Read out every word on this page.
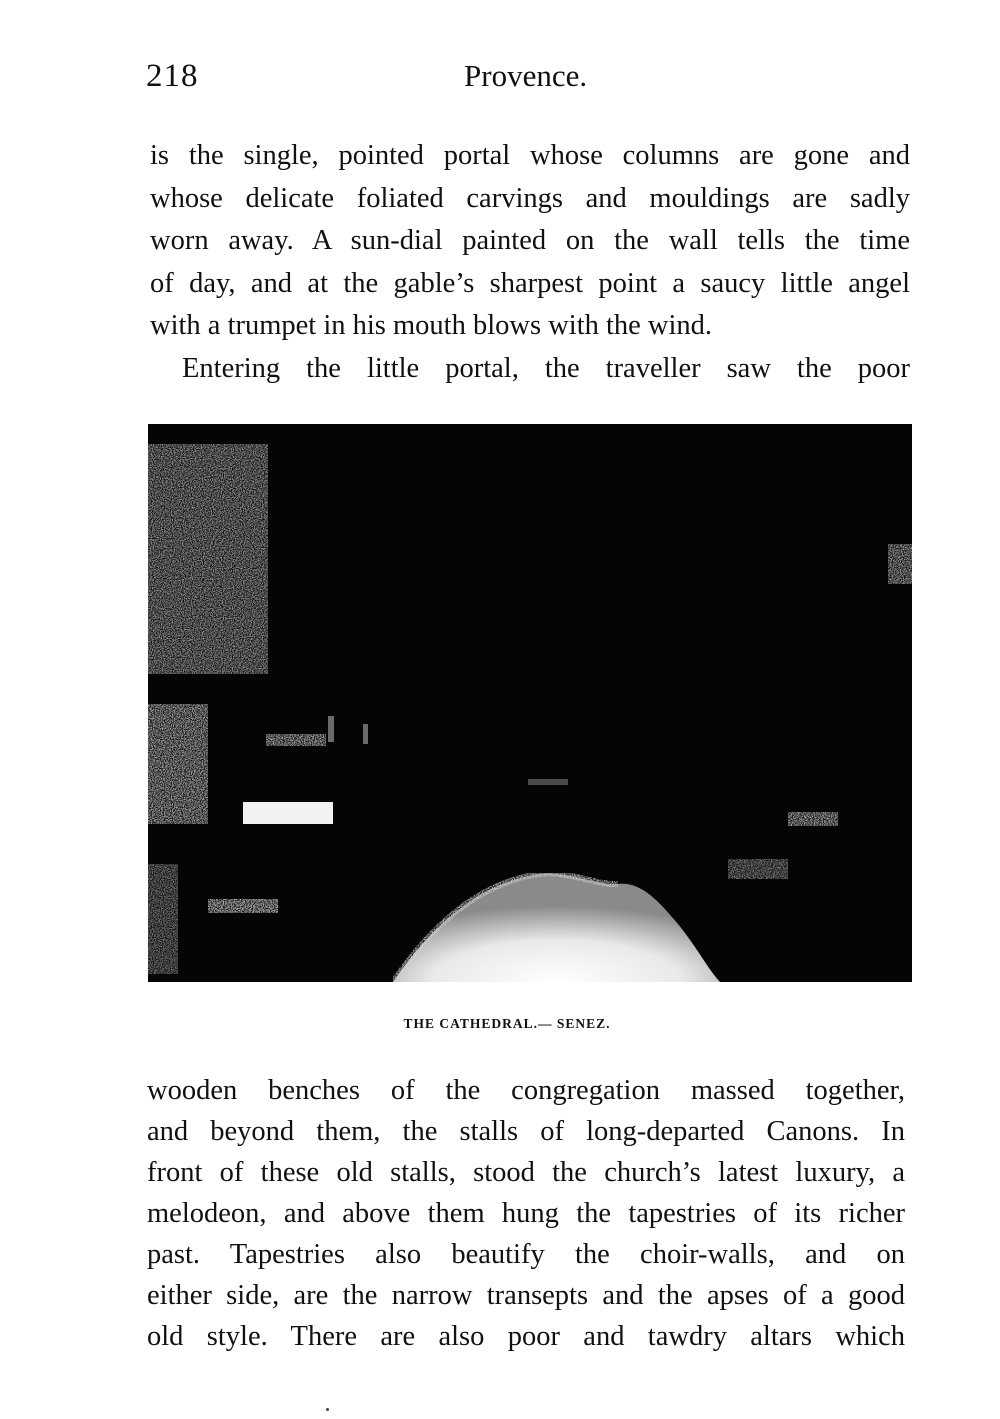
218	Provence.
is the single, pointed portal whose columns are gone and
whose delicate foliated carvings and mouldings are sadly
worn away. A sun-dial painted on the wall tells the time
of day, and at the gable’s sharpest point a saucy little angel
with a trumpet in his mouth blows with the wind.
Entering the little portal, the traveller saw the poor
THE CATHEDRAL.— SENEZ.
wooden benches of the congregation massed together,
and beyond them, the stalls of long-departed Canons. In
front of these old stalls, stood the church’s latest luxury, a
melodeon, and above them hung the tapestries of its richer
past. Tapestries also beautify the choir-walls, and on
either side, are the narrow transepts and the apses of a good
old style. There are also poor and tawdry altars which
